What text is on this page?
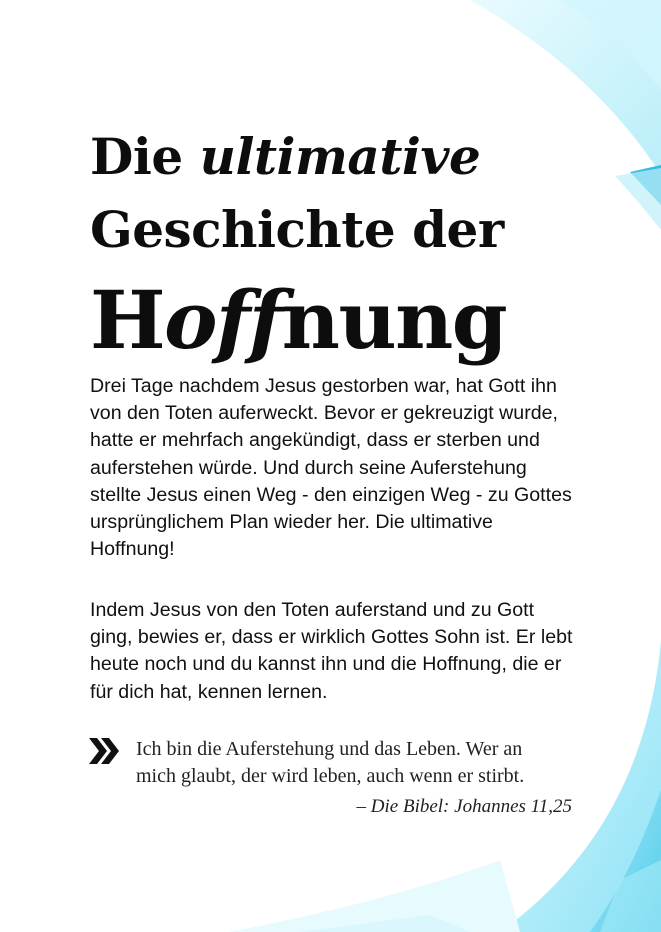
Die ultimative
Geschichte der
Hoffnung

Drei Tage nachdem Jesus gestorben war, hat Gott ihn von den Toten auferweckt. Bevor er gekreuzigt wurde, hatte er mehrfach angekündigt, dass er sterben und auferstehen würde. Und durch seine Auferstehung stellte Jesus einen Weg - den einzigen Weg - zu Gottes ursprünglichem Plan wieder her. Die ultimative Hoffnung!

Indem Jesus von den Toten auferstand und zu Gott ging, bewies er, dass er wirklich Gottes Sohn ist. Er lebt heute noch und du kannst ihn und die Hoffnung, die er für dich hat, kennen lernen.

Ich bin die Auferstehung und das Leben. Wer an
mich glaubt, der wird leben, auch wenn er stirbt.

– Die Bibel: Johannes 11,25
